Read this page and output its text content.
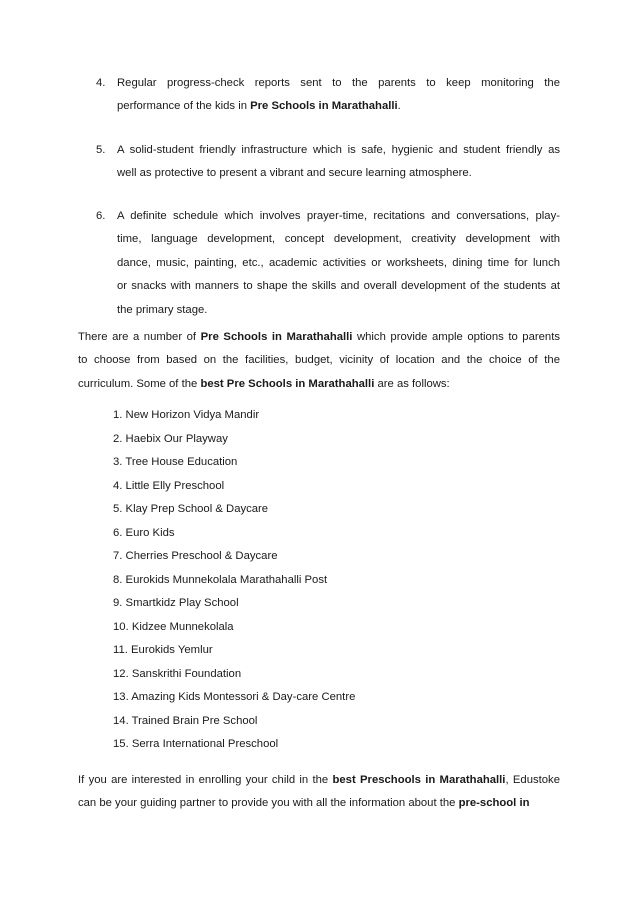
4.	Regular progress-check reports sent to the parents to keep monitoring the
performance of the kids in Pre Schools in Marathahalli.
5.	A solid-student friendly infrastructure which is safe, hygienic and student friendly as
well as protective to present a vibrant and secure learning atmosphere.
6.	A definite schedule which involves prayer-time, recitations and conversations, play-
time, language development, concept development, creativity development with
dance, music, painting, etc., academic activities or worksheets, dining time for lunch
or snacks with manners to shape the skills and overall development of the students at
the primary stage.
There are a number of Pre Schools in Marathahalli which provide ample options to parents
to choose from based on the facilities, budget, vicinity of location and the choice of the
curriculum. Some of the best Pre Schools in Marathahalli are as follows:
1. New Horizon Vidya Mandir
2. Haebix Our Playway
3. Tree House Education
4. Little Elly Preschool
5. Klay Prep School & Daycare
6. Euro Kids
7. Cherries Preschool & Daycare
8. Eurokids Munnekolala Marathahalli Post
9. Smartkidz Play School
10. Kidzee Munnekolala
11. Eurokids Yemlur
12. Sanskrithi Foundation
13. Amazing Kids Montessori & Day-care Centre
14. Trained Brain Pre School
15. Serra International Preschool
If you are interested in enrolling your child in the best Preschools in Marathahalli, Edustoke
can be your guiding partner to provide you with all the information about the pre-school in
